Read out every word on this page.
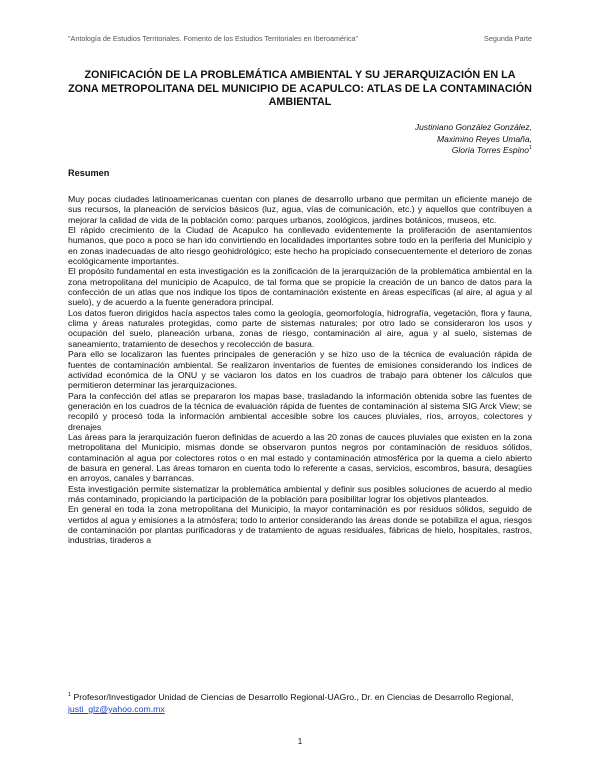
"Antología de Estudios Territoriales. Fomento de los Estudios Territoriales en Iberoamérica"	Segunda Parte
ZONIFICACIÓN DE LA PROBLEMÁTICA AMBIENTAL Y SU JERARQUIZACIÓN EN LA ZONA METROPOLITANA DEL MUNICIPIO DE ACAPULCO: ATLAS DE LA CONTAMINACIÓN AMBIENTAL
Justiniano González González,
Maximino Reyes Umaña,
Gloria Torres Espino$^1$
Resumen

Muy pocas ciudades latinoamericanas cuentan con planes de desarrollo urbano que permitan un eficiente manejo de sus recursos, la planeación de servicios básicos (luz, agua, vías de comunicación, etc.) y aquellos que contribuyen a mejorar la calidad de vida de la población como: parques urbanos, zoológicos, jardines botánicos, museos, etc.

El rápido crecimiento de la Ciudad de Acapulco ha conllevado evidentemente la proliferación de asentamientos humanos, que poco a poco se han ido convirtiendo en localidades importantes sobre todo en la periferia del Municipio y en zonas inadecuadas de alto riesgo geohidrológico; este hecho ha propiciado consecuentemente el deterioro de zonas ecológicamente importantes.

El propósito fundamental en esta investigación es la zonificación de la jerarquización de la problemática ambiental en la zona metropolitana del municipio de Acapulco, de tal forma que se propicie la creación de un banco de datos para la confección de un atlas que nos indique los tipos de contaminación existente en áreas específicas (al aire, al agua y al suelo), y de acuerdo a la fuente generadora principal.

Los datos fueron dirigidos hacía aspectos tales como la geología, geomorfología, hidrografía, vegetación, flora y fauna, clima y áreas naturales protegidas, como parte de sistemas naturales; por otro lado se consideraron los usos y ocupación del suelo, planeación urbana, zonas de riesgo, contaminación al aire, agua y al suelo, sistemas de saneamiento, tratamiento de desechos y recolección de basura.

Para ello se localizaron las fuentes principales de generación y se hizo uso de la técnica de evaluación rápida de fuentes de contaminación ambiental. Se realizaron inventarios de fuentes de emisiones considerando los índices de actividad económica de la ONU y se vaciaron los datos en los cuadros de trabajo para obtener los cálculos que permitieron determinar las jerarquizaciones.

Para la confección del atlas se prepararon los mapas base, trasladando la información obtenida sobre las fuentes de generación en los cuadros de la técnica de evaluación rápida de fuentes de contaminación al sistema SIG Arck View; se recopiló y procesó toda la información ambiental accesible sobre los cauces pluviales, ríos, arroyos, colectores y drenajes

Las áreas para la jerarquización fueron definidas de acuerdo a las 20 zonas de cauces pluviales que existen en la zona metropolitana del Municipio, mismas donde se observaron puntos negros por contaminación de residuos sólidos, contaminación al agua por colectores rotos o en mal estado y contaminación atmosférica por la quema a cielo abierto de basura en general. Las áreas tomaron en cuenta todo lo referente a casas, servicios, escombros, basura, desagües en arroyos, canales y barrancas.

Esta investigación permite sistematizar la problemática ambiental y definir sus posibles soluciones de acuerdo al medio más contaminado, propiciando la participación de la población para posibilitar lograr los objetivos planteados.

En general en toda la zona metropolitana del Municipio, la mayor contaminación es por residuos sólidos, seguido de vertidos al agua y emisiones a la atmósfera; todo lo anterior considerando las áreas donde se potabiliza el agua, riesgos de contaminación por plantas purificadoras y de tratamiento de aguas residuales, fábricas de hielo, hospitales, rastros, industrias, tiraderos a

$^1$ Profesor/Investigador Unidad de Ciencias de Desarrollo Regional-UAGro., Dr. en Ciencias de Desarrollo Regional, justi_glz@yahoo.com.mx
1
